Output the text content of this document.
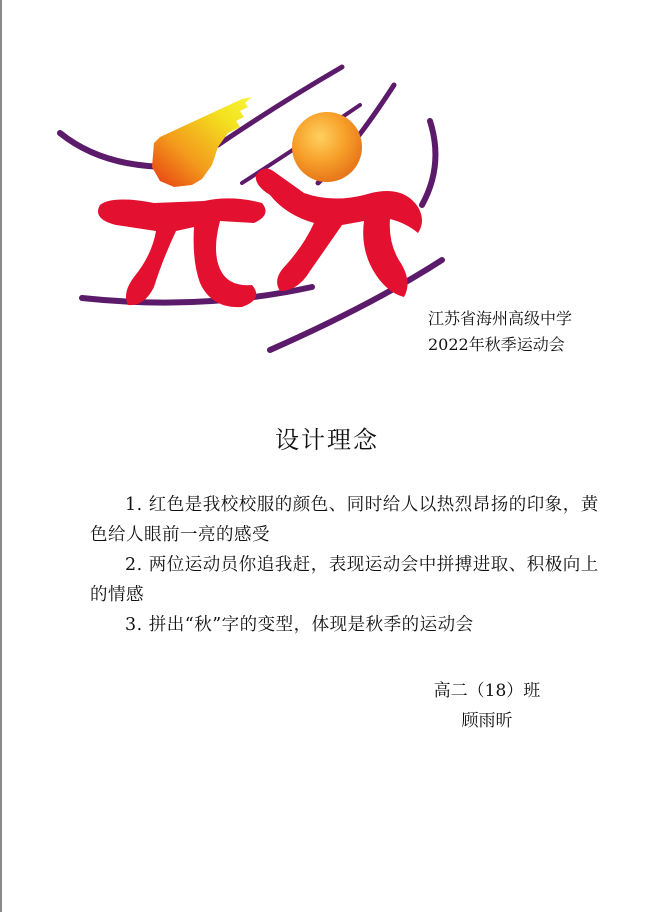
江苏省海州高级中学
2022年秋季运动会
设计理念

1. 红色是我校校服的颜色、同时给人以热烈昂扬的印象，黄色给人眼前一亮的感受

2. 两位运动员你追我赶，表现运动会中拼搏进取、积极向上的情感

3. 拼出“秋”字的变型，体现是秋季的运动会

高二（18）班
顾雨昕
